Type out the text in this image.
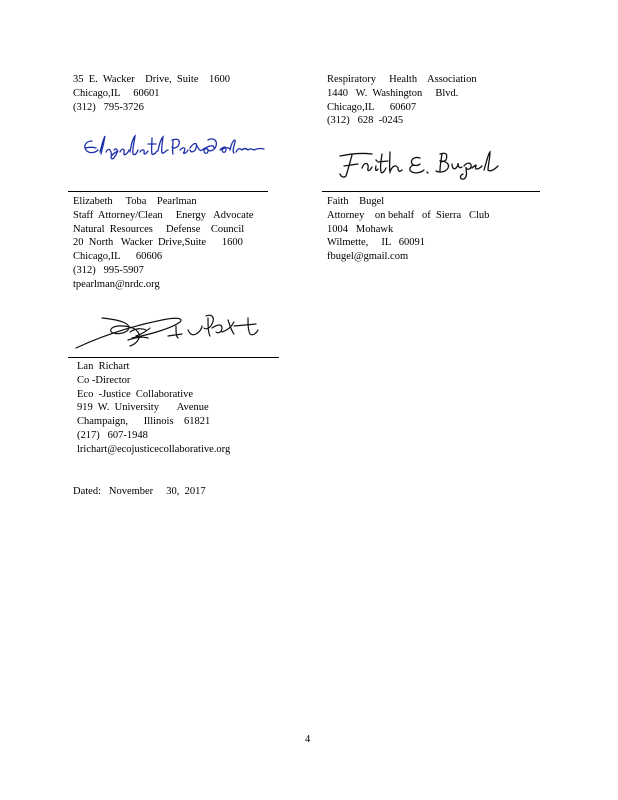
35  E.  Wacker    Drive,  Suite    1600
Chicago,IL     60601
(312)   795-3726
Respiratory     Health    Association
1440   W.  Washington     Blvd.
Chicago,IL      60607
(312)   628  -0245
Elizabeth     Toba    Pearlman
Staff  Attorney/Clean     Energy   Advocate
Natural  Resources     Defense    Council
20  North   Wacker  Drive,Suite      1600
Chicago,IL      60606
(312)   995-5907
tpearlman@nrdc.org
Faith    Bugel
Attorney    on behalf   of  Sierra   Club
1004   Mohawk
Wilmette,     IL   60091
fbugel@gmail.com
Lan  Richart
Co -Director
Eco  -Justice  Collaborative
919  W.  University       Avenue
Champaign,      Illinois    61821
(217)   607-1948
lrichart@ecojusticecollaborative.org
Dated:   November     30,  2017
4
